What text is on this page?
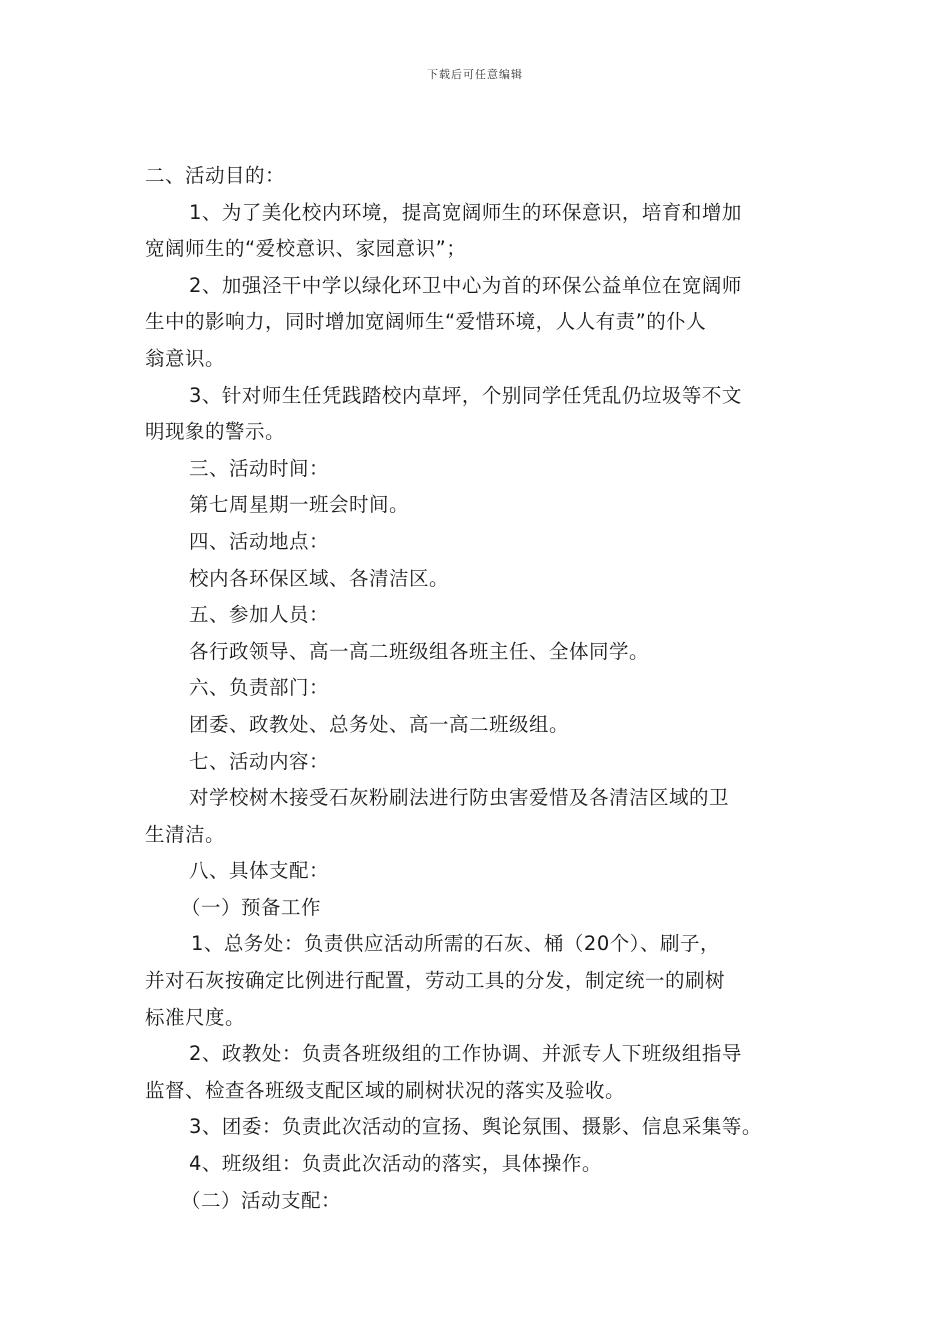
下载后可任意编辑
二、活动目的：
1、为了美化校内环境，提高宽阔师生的环保意识，培育和增加
宽阔师生的“爱校意识、家园意识”；
2、加强泾干中学以绿化环卫中心为首的环保公益单位在宽阔师
生中的影响力，同时增加宽阔师生“爱惜环境，人人有责”的仆人
翁意识。
3、针对师生任凭践踏校内草坪，个别同学任凭乱仍垃圾等不文
明现象的警示。
三、活动时间：
第七周星期一班会时间。
四、活动地点：
校内各环保区域、各清洁区。
五、参加人员：
各行政领导、高一高二班级组各班主任、全体同学。
六、负责部门：
团委、政教处、总务处、高一高二班级组。
七、活动内容：
对学校树木接受石灰粉刷法进行防虫害爱惜及各清洁区域的卫
生清洁。
八、具体支配：
（一）预备工作
1、总务处：负责供应活动所需的石灰、桶（20个）、刷子，
并对石灰按确定比例进行配置，劳动工具的分发，制定统一的刷树
标准尺度。
2、政教处：负责各班级组的工作协调、并派专人下班级组指导
监督、检查各班级支配区域的刷树状况的落实及验收。
3、团委：负责此次活动的宣扬、舆论氛围、摄影、信息采集等。
4、班级组：负责此次活动的落实，具体操作。
（二）活动支配：
